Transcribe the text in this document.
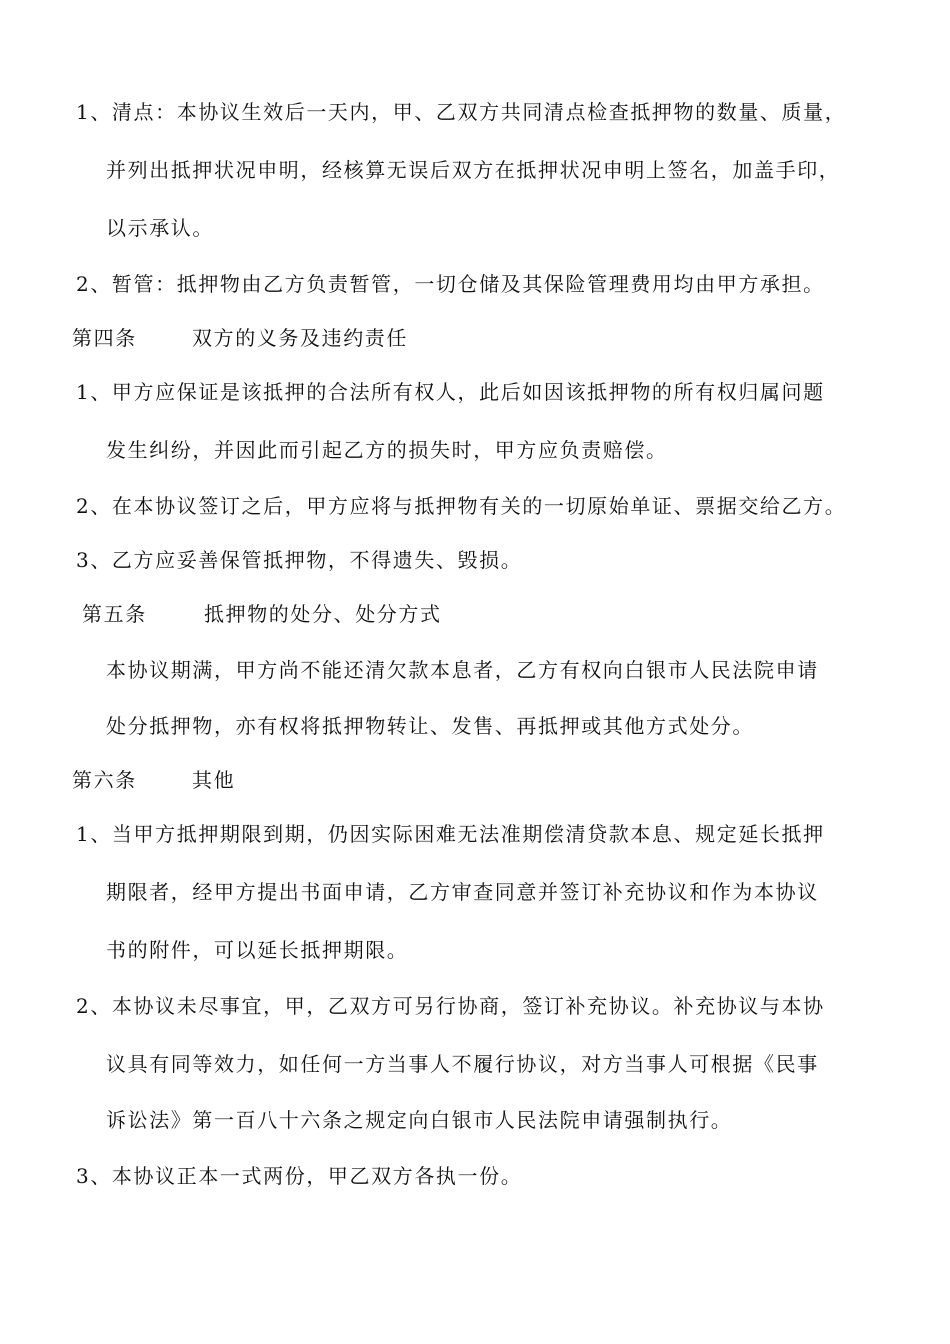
1、清点：本协议生效后一天内，甲、乙双方共同清点检查抵押物的数量、质量，
并列出抵押状况申明，经核算无误后双方在抵押状况申明上签名，加盖手印，
以示承认。
2、暂管：抵押物由乙方负责暂管，一切仓储及其保险管理费用均由甲方承担。
第四条	双方的义务及违约责任
1、甲方应保证是该抵押的合法所有权人，此后如因该抵押物的所有权归属问题
发生纠纷，并因此而引起乙方的损失时，甲方应负责赔偿。
2、在本协议签订之后，甲方应将与抵押物有关的一切原始单证、票据交给乙方。
3、乙方应妥善保管抵押物，不得遗失、毁损。
第五条	抵押物的处分、处分方式
本协议期满，甲方尚不能还清欠款本息者，乙方有权向白银市人民法院申请
处分抵押物，亦有权将抵押物转让、发售、再抵押或其他方式处分。
第六条	其他
1、当甲方抵押期限到期，仍因实际困难无法准期偿清贷款本息、规定延长抵押
期限者，经甲方提出书面申请，乙方审查同意并签订补充协议和作为本协议
书的附件，可以延长抵押期限。
2、本协议未尽事宜，甲，乙双方可另行协商，签订补充协议。补充协议与本协
议具有同等效力，如任何一方当事人不履行协议，对方当事人可根据《民事
诉讼法》第一百八十六条之规定向白银市人民法院申请强制执行。
3、本协议正本一式两份，甲乙双方各执一份。
